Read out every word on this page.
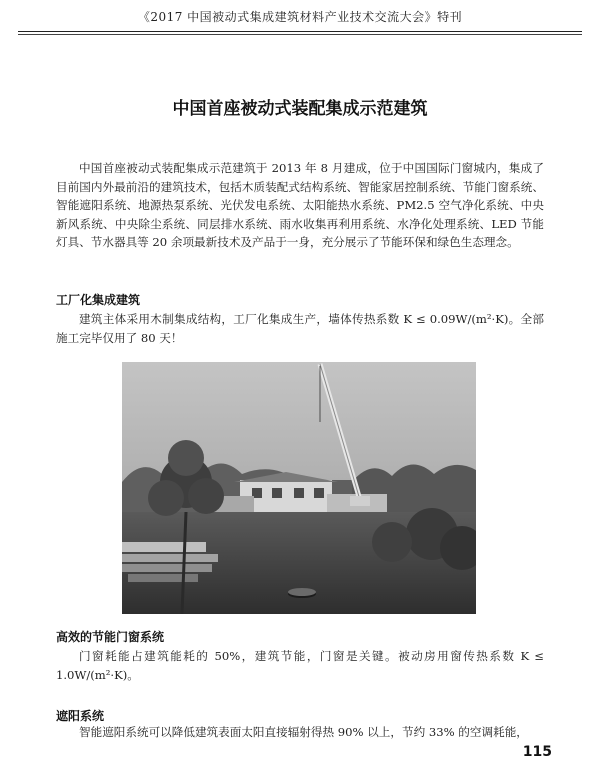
《2017 中国被动式集成建筑材料产业技术交流大会》特刊
中国首座被动式装配集成示范建筑
中国首座被动式装配集成示范建筑于 2013 年 8 月建成，位于中国国际门窗城内，集成了目前国内外最前沿的建筑技术，包括木质装配式结构系统、智能家居控制系统、节能门窗系统、智能遮阳系统、地源热泵系统、光伏发电系统、太阳能热水系统、PM2.5 空气净化系统、中央新风系统、中央除尘系统、同层排水系统、雨水收集再利用系统、水净化处理系统、LED 节能灯具、节水器具等 20 余项最新技术及产品于一身，充分展示了节能环保和绿色生态理念。
工厂化集成建筑
建筑主体采用木制集成结构，工厂化集成生产，墙体传热系数 K ≤ 0.09W/(m²·K)。全部施工完毕仅用了 80 天！
高效的节能门窗系统
门窗耗能占建筑能耗的 50%，建筑节能，门窗是关键。被动房用窗传热系数 K ≤ 1.0W/(m²·K)。
遮阳系统
智能遮阳系统可以降低建筑表面太阳直接辐射得热 90% 以上，节约 33% 的空调耗能，
115
